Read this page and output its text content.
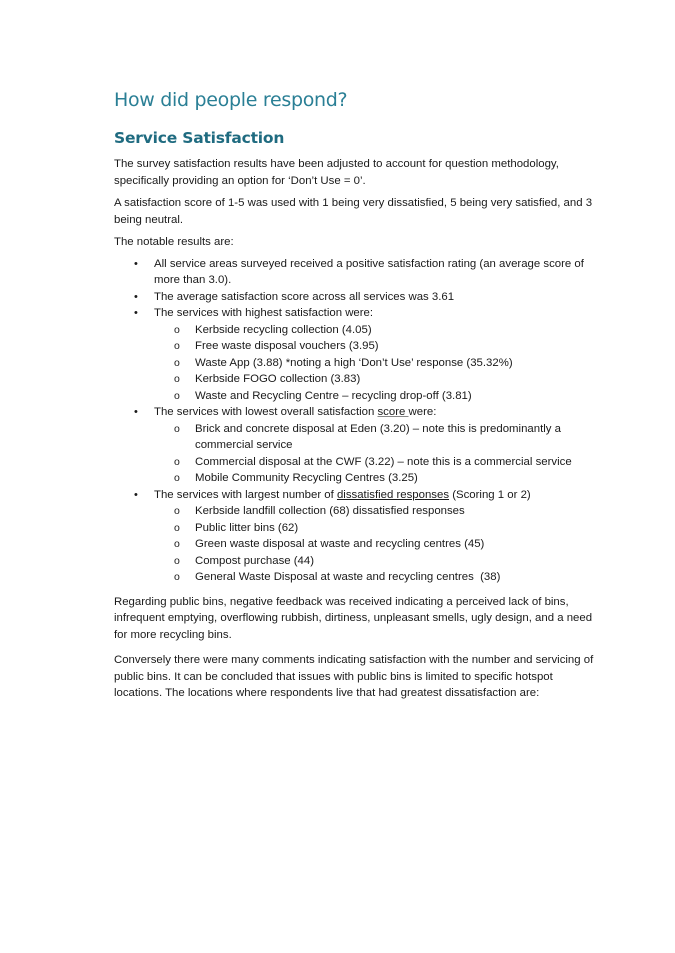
How did people respond?
Service Satisfaction

The survey satisfaction results have been adjusted to account for question methodology, specifically providing an option for ‘Don’t Use = 0’.

A satisfaction score of 1-5 was used with 1 being very dissatisfied, 5 being very satisfied, and 3 being neutral.

The notable results are:

• All service areas surveyed received a positive satisfaction rating (an average score of more than 3.0).
• The average satisfaction score across all services was 3.61
• The services with highest satisfaction were:
o Kerbside recycling collection (4.05)
o Free waste disposal vouchers (3.95)
o Waste App (3.88) *noting a high ‘Don’t Use’ response (35.32%)
o Kerbside FOGO collection (3.83)
o Waste and Recycling Centre – recycling drop-off (3.81)
• The services with lowest overall satisfaction score were:
o Brick and concrete disposal at Eden (3.20) – note this is predominantly a commercial service
o Commercial disposal at the CWF (3.22) – note this is a commercial service
o Mobile Community Recycling Centres (3.25)
• The services with largest number of dissatisfied responses (Scoring 1 or 2)
o Kerbside landfill collection (68) dissatisfied responses
o Public litter bins (62)
o Green waste disposal at waste and recycling centres (45)
o Compost purchase (44)
o General Waste Disposal at waste and recycling centres  (38)

Regarding public bins, negative feedback was received indicating a perceived lack of bins, infrequent emptying, overflowing rubbish, dirtiness, unpleasant smells, ugly design, and a need for more recycling bins.

Conversely there were many comments indicating satisfaction with the number and servicing of public bins. It can be concluded that issues with public bins is limited to specific hotspot locations. The locations where respondents live that had greatest dissatisfaction are:
